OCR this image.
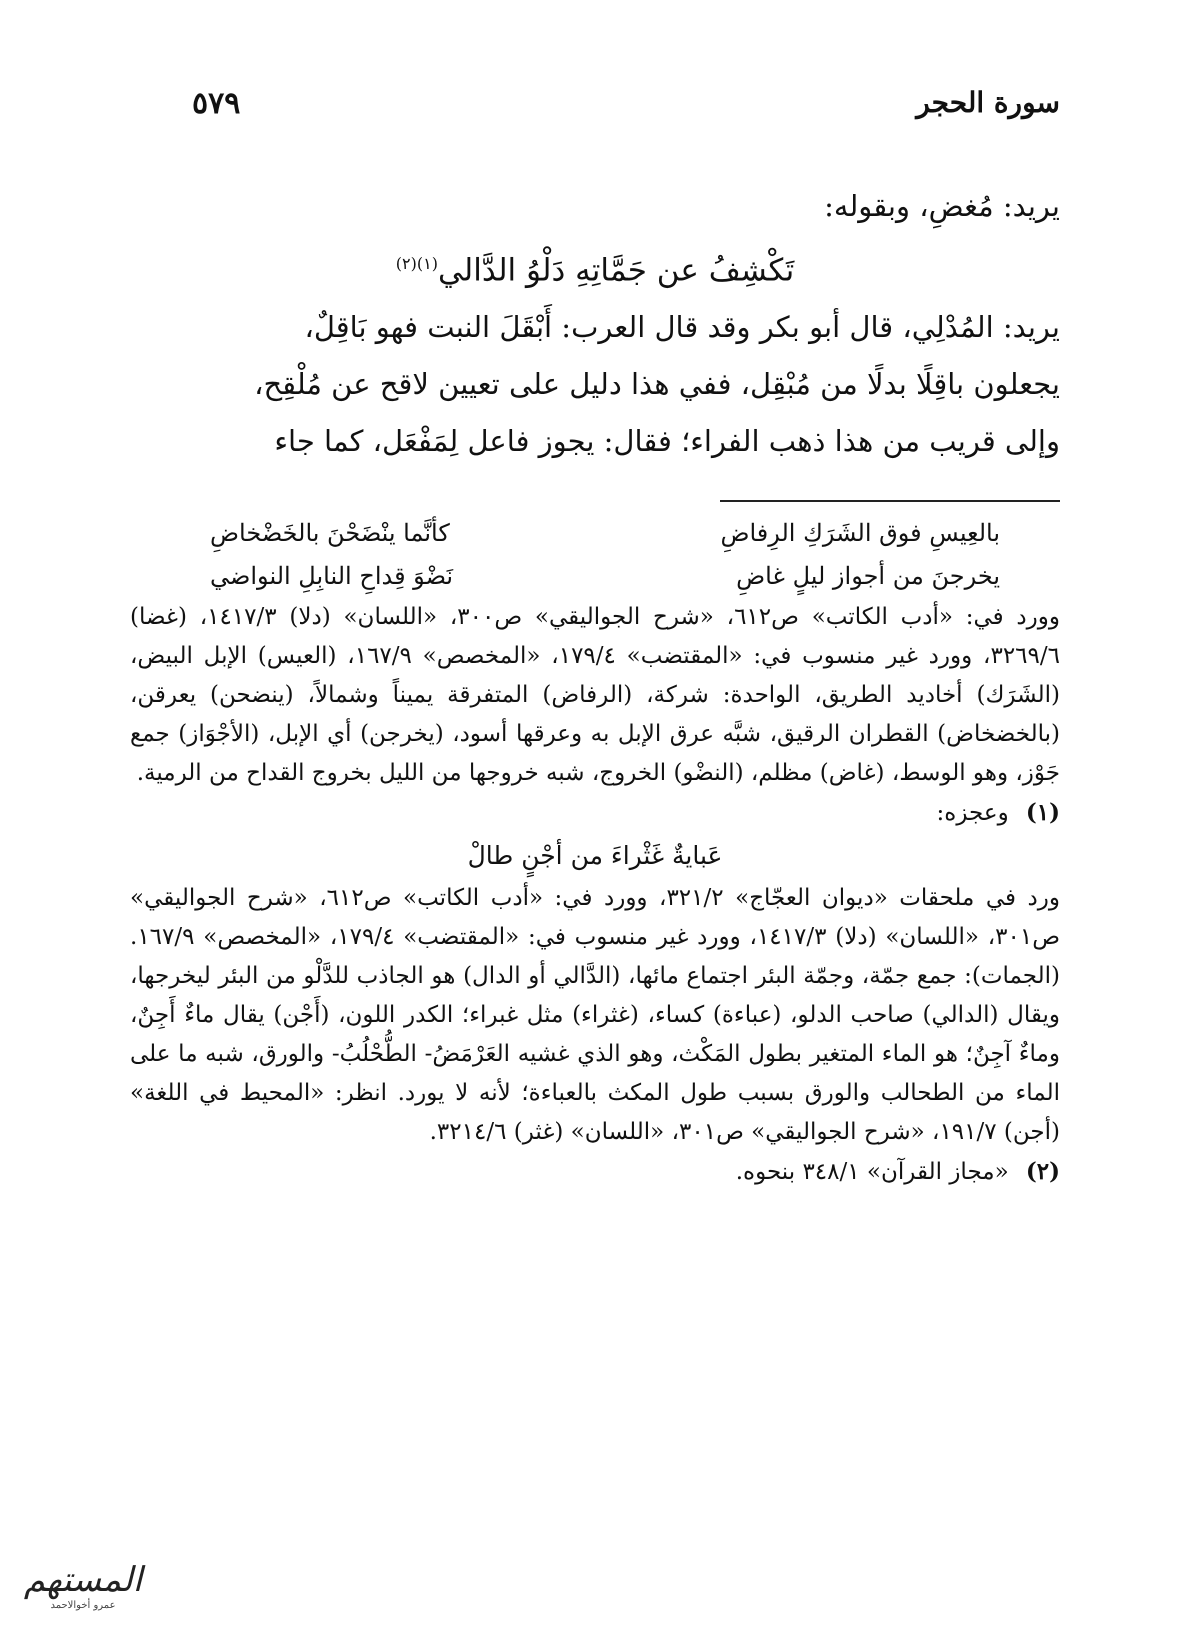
سورة الحجر
٥٧٩

يريد: مُغضِ، وبقوله:

تَكْشِفُ عن جَمَّاتِهِ دَلْوُ الدَّالي$^{(١)(٢)}$

يريد: المُدْلِي، قال أبو بكر وقد قال العرب: أَبْقَلَ النبت فهو بَاقِلٌ،

يجعلون باقِلًا بدلًا من مُبْقِل، ففي هذا دليل على تعيين لاقح عن مُلْقِح،

وإلى قريب من هذا ذهب الفراء؛ فقال: يجوز فاعل لِمَفْعَل، كما جاء

بالعِيسِ فوق الشَرَكِ الرِفاضِ
كأنَّما ينْضَحْنَ بالخَضْخاضِ
يخرجنَ من أجواز ليلٍ غاضِ
نَضْوَ قِداحِ النابِلِ النواضي

وورد في: «أدب الكاتب» ص٦١٢، «شرح الجواليقي» ص٣٠٠، «اللسان» (دلا) ١٤١٧/٣، (غضا) ٣٢٦٩/٦، وورد غير منسوب في: «المقتضب» ١٧٩/٤، «المخصص» ١٦٧/٩، (العيس) الإبل البيض، (الشَرَك) أخاديد الطريق، الواحدة: شركة، (الرفاض) المتفرقة يميناً وشمالاً، (ينضحن) يعرقن، (بالخضخاض) القطران الرقيق، شبَّه عرق الإبل به وعرقها أسود، (يخرجن) أي الإبل، (الأجْوَاز) جمع جَوْز، وهو الوسط، (غاض) مظلم، (النضْو) الخروج، شبه خروجها من الليل بخروج القداح من الرمية.

(١) وعجزه:

عَبايةٌ غَثْراءَ من أجْنٍ طالْ

ورد في ملحقات «ديوان العجّاج» ٣٢١/٢، وورد في: «أدب الكاتب» ص٦١٢، «شرح الجواليقي» ص٣٠١، «اللسان» (دلا) ١٤١٧/٣، وورد غير منسوب في: «المقتضب» ١٧٩/٤، «المخصص» ١٦٧/٩. (الجمات): جمع جمّة، وجمّة البئر اجتماع مائها، (الدَّالي أو الدال) هو الجاذب للدَّلْو من البئر ليخرجها، ويقال (الدالي) صاحب الدلو، (عباءة) كساء، (غثراء) مثل غبراء؛ الكدر اللون، (أَجْن) يقال ماءٌ أَجِنٌ، وماءٌ آجِنٌ؛ هو الماء المتغير بطول المَكْث، وهو الذي غشيه العَرْمَضُ- الطُّحْلُبُ- والورق، شبه ما على الماء من الطحالب والورق بسبب طول المكث بالعباءة؛ لأنه لا يورد. انظر: «المحيط في اللغة» (أجن) ١٩١/٧، «شرح الجواليقي» ص٣٠١، «اللسان» (غثر) ٣٢١٤/٦.

(٢) «مجاز القرآن» ٣٤٨/١ بنحوه.

المستهم
عمرو أخوالاحمد
